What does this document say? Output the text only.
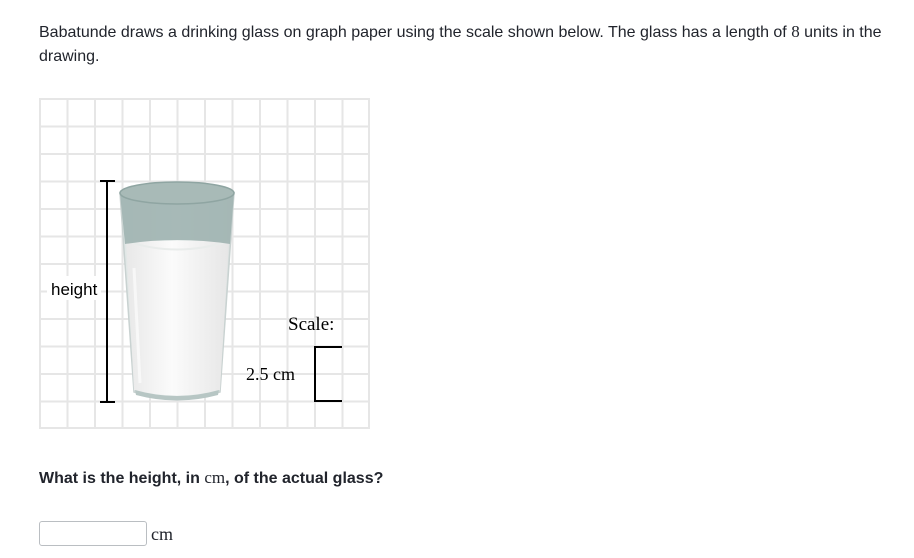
Babatunde draws a drinking glass on graph paper using the scale shown below. The glass has a length of 8 units in the drawing.
height
Scale:
2.5 cm
What is the height, in cm, of the actual glass?
cm
